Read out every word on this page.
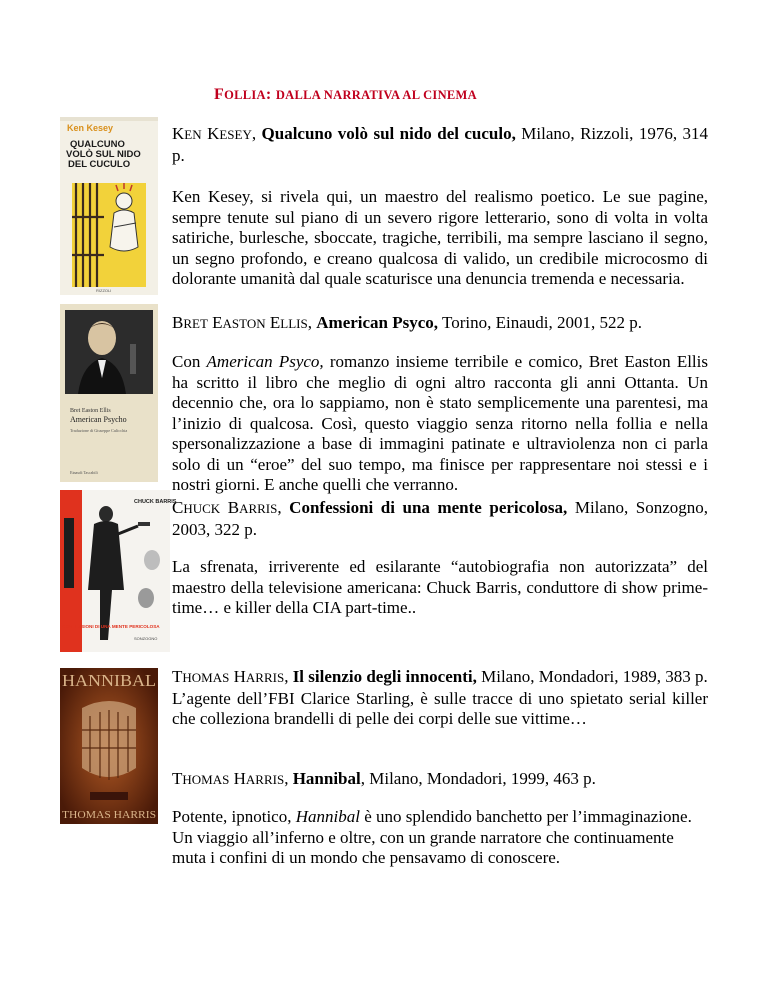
FOLLIA: DALLA NARRATIVA AL CINEMA
Ken Kesey
QUALCUNO
VOLÒ SUL NIDO
DEL CUCULO
RIZZOLI

KEN KESEY, Qualcuno volò sul nido del cuculo, Milano, Rizzoli, 1976, 314 p.

Ken Kesey, si rivela qui, un maestro del realismo poetico. Le sue pagine, sempre tenute sul piano di un severo rigore letterario, sono di volta in volta satiriche, burlesche, sboccate, tragiche, terribili, ma sempre lasciano il segno, un segno profondo, e creano qualcosa di valido, un credibile microcosmo di dolorante umanità dal quale scaturisce una denuncia tremenda e necessaria.

Bret Easton Ellis
American Psycho
Traduzione di Giuseppe Culicchia
Einaudi Tascabili

BRET EASTON ELLIS, American Psyco, Torino, Einaudi, 2001, 522 p.

Con American Psyco, romanzo insieme terribile e comico, Bret Easton Ellis ha scritto il libro che meglio di ogni altro racconta gli anni Ottanta. Un decennio che, ora lo sappiamo, non è stato semplicemente una parentesi, ma l’inizio di qualcosa. Così, questo viaggio senza ritorno nella follia e nella spersonalizzazione a base di immagini patinate e ultraviolenza non ci parla solo di un “eroe” del suo tempo, ma finisce per rappresentare noi stessi e i nostri giorni. E anche quelli che verranno.

CHUCK BARRIS
CONFESSIONI DI UNA MENTE PERICOLOSA
SONZOGNO

CHUCK BARRIS, Confessioni di una mente pericolosa, Milano, Sonzogno, 2003, 322 p.

La sfrenata, irriverente ed esilarante “autobiografia non autorizzata” del maestro della televisione americana: Chuck Barris, conduttore di show prime-time… e killer della CIA part-time..

HANNIBAL
THOMAS HARRIS

THOMAS HARRIS, Il silenzio degli innocenti, Milano, Mondadori, 1989, 383 p.

L’agente dell’FBI Clarice Starling, è sulle tracce di uno spietato serial killer che colleziona brandelli di pelle dei corpi delle sue vittime…

THOMAS HARRIS, Hannibal, Milano, Mondadori, 1999, 463 p.

Potente, ipnotico, Hannibal è uno splendido banchetto per l’immaginazione. Un viaggio all’inferno e oltre, con un grande narratore che continuamente muta i confini di un mondo che pensavamo di conoscere.
